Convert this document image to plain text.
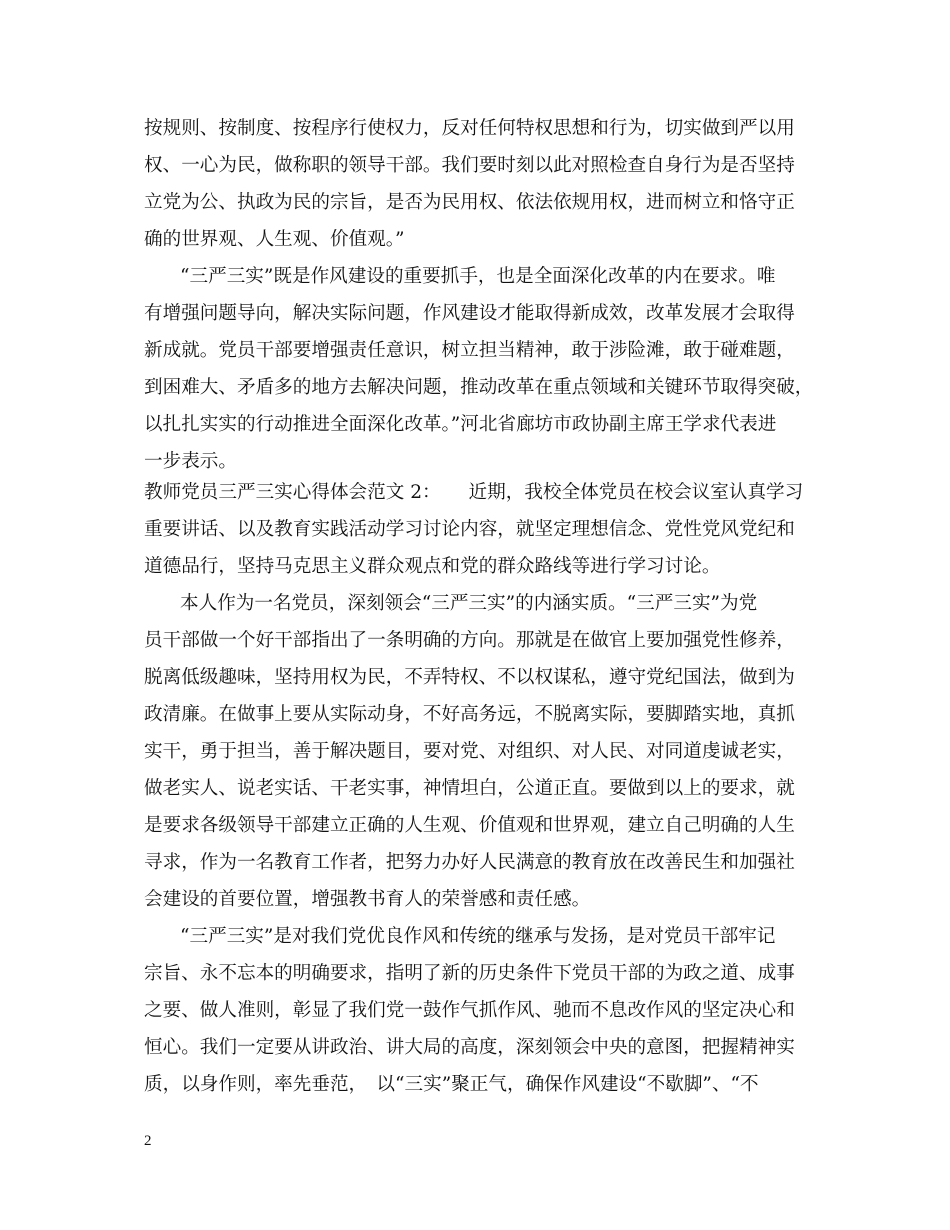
按规则、按制度、按程序行使权力，反对任何特权思想和行为，切实做到严以用
权、一心为民，做称职的领导干部。我们要时刻以此对照检查自身行为是否坚持
立党为公、执政为民的宗旨，是否为民用权、依法依规用权，进而树立和恪守正
确的世界观、人生观、价值观。”
“三严三实”既是作风建设的重要抓手，也是全面深化改革的内在要求。唯
有增强问题导向，解决实际问题，作风建设才能取得新成效，改革发展才会取得
新成就。党员干部要增强责任意识，树立担当精神，敢于涉险滩，敢于碰难题，
到困难大、矛盾多的地方去解决问题，推动改革在重点领域和关键环节取得突破，
以扎扎实实的行动推进全面深化改革。”河北省廊坊市政协副主席王学求代表进
一步表示。
教师党员三严三实心得体会范文 2：　　近期，我校全体党员在校会议室认真学习
重要讲话、以及教育实践活动学习讨论内容，就坚定理想信念、党性党风党纪和
道德品行，坚持马克思主义群众观点和党的群众路线等进行学习讨论。
本人作为一名党员，深刻领会“三严三实”的内涵实质。“三严三实”为党
员干部做一个好干部指出了一条明确的方向。那就是在做官上要加强党性修养，
脱离低级趣味，坚持用权为民，不弄特权、不以权谋私，遵守党纪国法，做到为
政清廉。在做事上要从实际动身，不好高务远，不脱离实际，要脚踏实地，真抓
实干，勇于担当，善于解决题目，要对党、对组织、对人民、对同道虔诚老实，
做老实人、说老实话、干老实事，神情坦白，公道正直。要做到以上的要求，就
是要求各级领导干部建立正确的人生观、价值观和世界观，建立自己明确的人生
寻求，作为一名教育工作者，把努力办好人民满意的教育放在改善民生和加强社
会建设的首要位置，增强教书育人的荣誉感和责任感。
“三严三实”是对我们党优良作风和传统的继承与发扬，是对党员干部牢记
宗旨、永不忘本的明确要求，指明了新的历史条件下党员干部的为政之道、成事
之要、做人准则，彰显了我们党一鼓作气抓作风、驰而不息改作风的坚定决心和
恒心。我们一定要从讲政治、讲大局的高度，深刻领会中央的意图，把握精神实
质，以身作则，率先垂范，　以“三实”聚正气，确保作风建设“不歇脚”、“不
2
